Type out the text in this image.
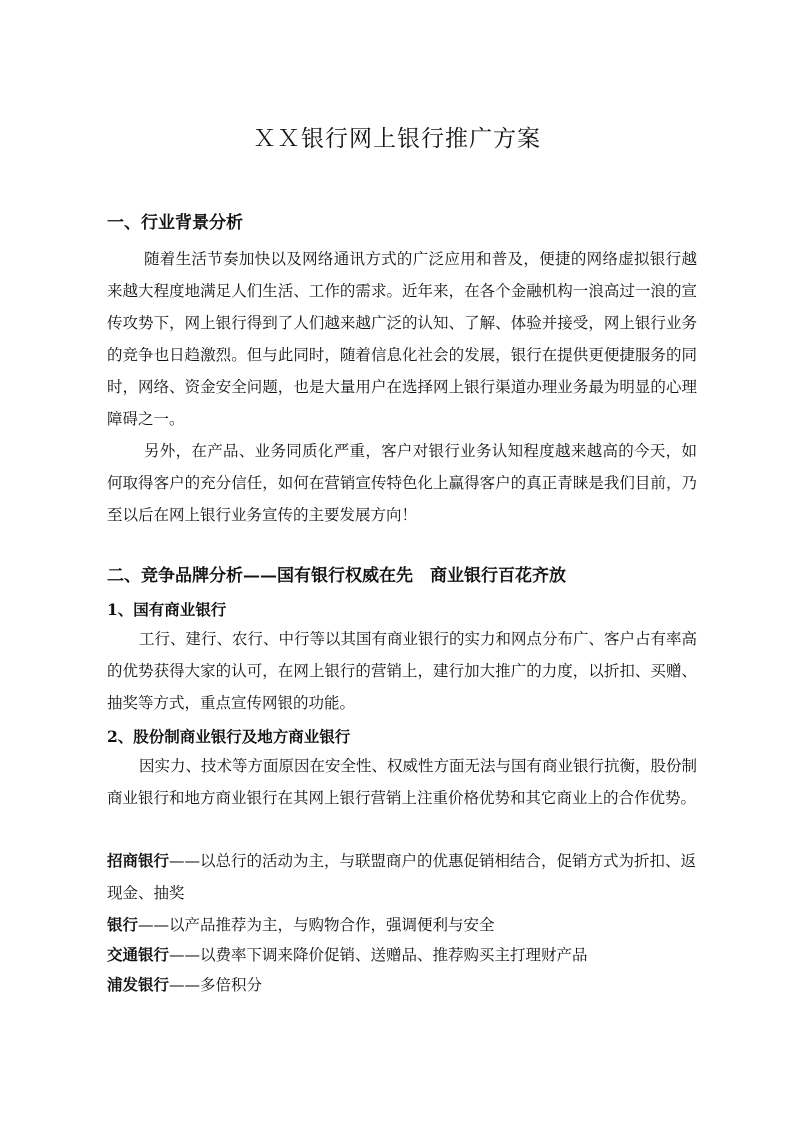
ＸＸ银行网上银行推广方案
一、行业背景分析

随着生活节奏加快以及网络通讯方式的广泛应用和普及，便捷的网络虚拟银行越来越大程度地满足人们生活、工作的需求。近年来，在各个金融机构一浪高过一浪的宣传攻势下，网上银行得到了人们越来越广泛的认知、了解、体验并接受，网上银行业务的竞争也日趋激烈。但与此同时，随着信息化社会的发展，银行在提供更便捷服务的同时，网络、资金安全问题，也是大量用户在选择网上银行渠道办理业务最为明显的心理障碍之一。

另外，在产品、业务同质化严重，客户对银行业务认知程度越来越高的今天，如何取得客户的充分信任，如何在营销宣传特色化上赢得客户的真正青睐是我们目前，乃至以后在网上银行业务宣传的主要发展方向！

二、竞争品牌分析——国有银行权威在先　商业银行百花齐放
1、国有商业银行

工行、建行、农行、中行等以其国有商业银行的实力和网点分布广、客户占有率高的优势获得大家的认可，在网上银行的营销上，建行加大推广的力度，以折扣、买赠、抽奖等方式，重点宣传网银的功能。

2、股份制商业银行及地方商业银行

因实力、技术等方面原因在安全性、权威性方面无法与国有商业银行抗衡，股份制商业银行和地方商业银行在其网上银行营销上注重价格优势和其它商业上的合作优势。

招商银行——以总行的活动为主，与联盟商户的优惠促销相结合，促销方式为折扣、返现金、抽奖

银行——以产品推荐为主，与购物合作，强调便利与安全

交通银行——以费率下调来降价促销、送赠品、推荐购买主打理财产品

浦发银行——多倍积分
